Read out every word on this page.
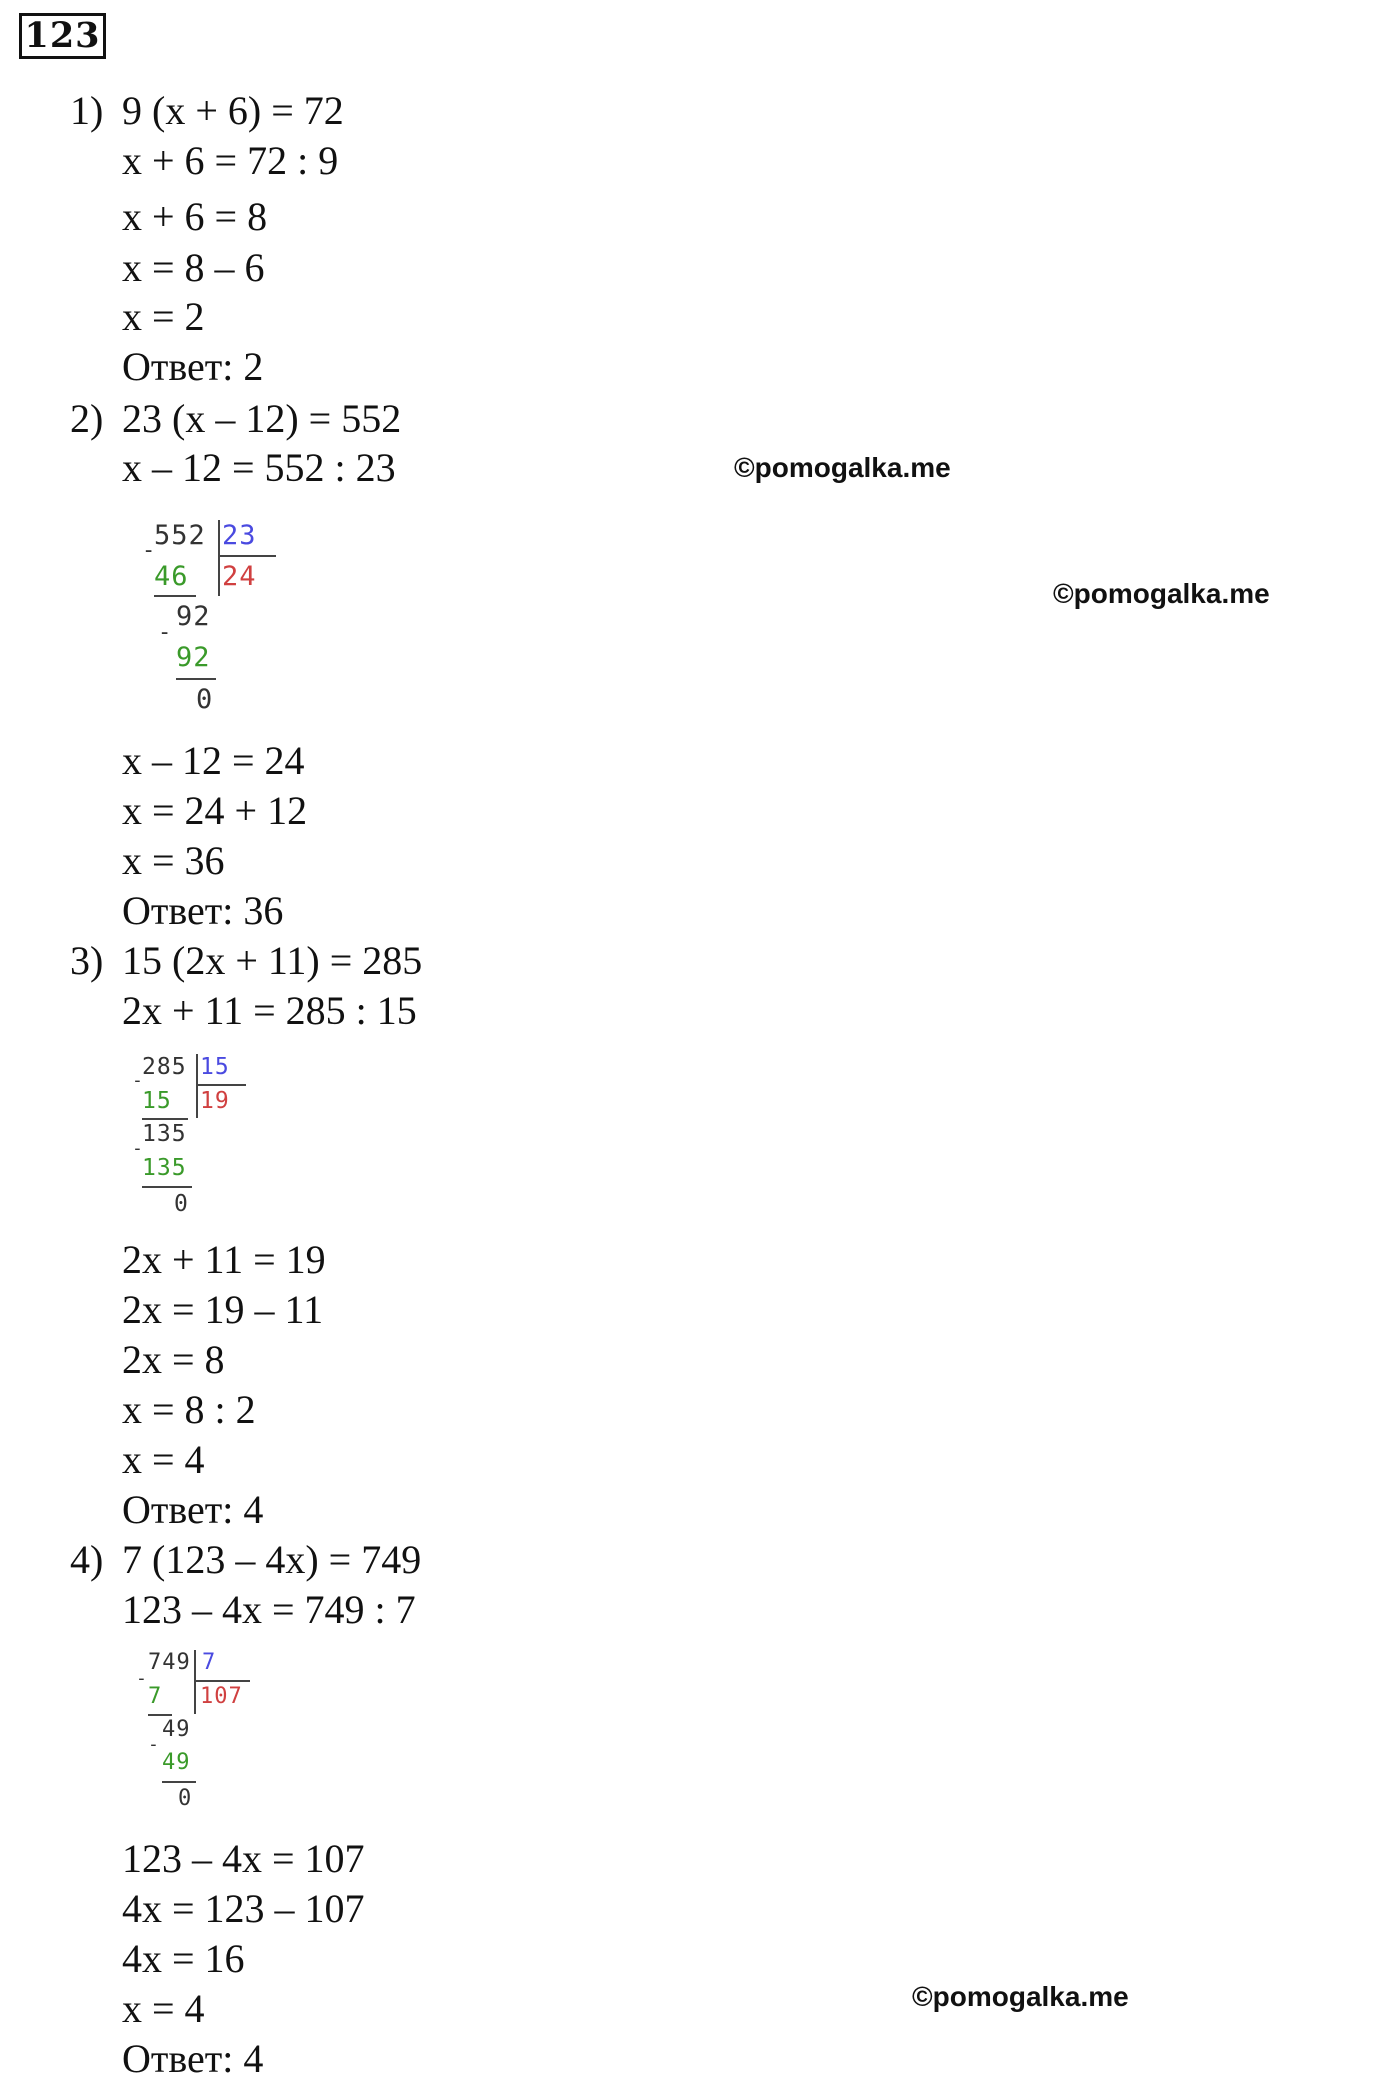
123
1) 9 (x + 6) = 72
x + 6 = 72 : 9
x + 6 = 8
x = 8 – 6
x = 2
Ответ: 2
2) 23 (x – 12) = 552
x – 12 = 552 : 23	©pomogalka.me
552 23
24
-
46
92
-
92
0
©pomogalka.me
x – 12 = 24
x = 24 + 12
x = 36
Ответ: 36
3) 15 (2x + 11) = 285
2x + 11 = 285 : 15
285 15
19
-
15
135
-
135
0
2x + 11 = 19
2x = 19 – 11
2x = 8
x = 8 : 2
x = 4
Ответ: 4
4) 7 (123 – 4x) = 749
123 – 4x = 749 : 7
749 7
107
-
7
49
-
49
0
123 – 4x = 107
4x = 123 – 107
4x = 16
x = 4	©pomogalka.me
Ответ: 4
